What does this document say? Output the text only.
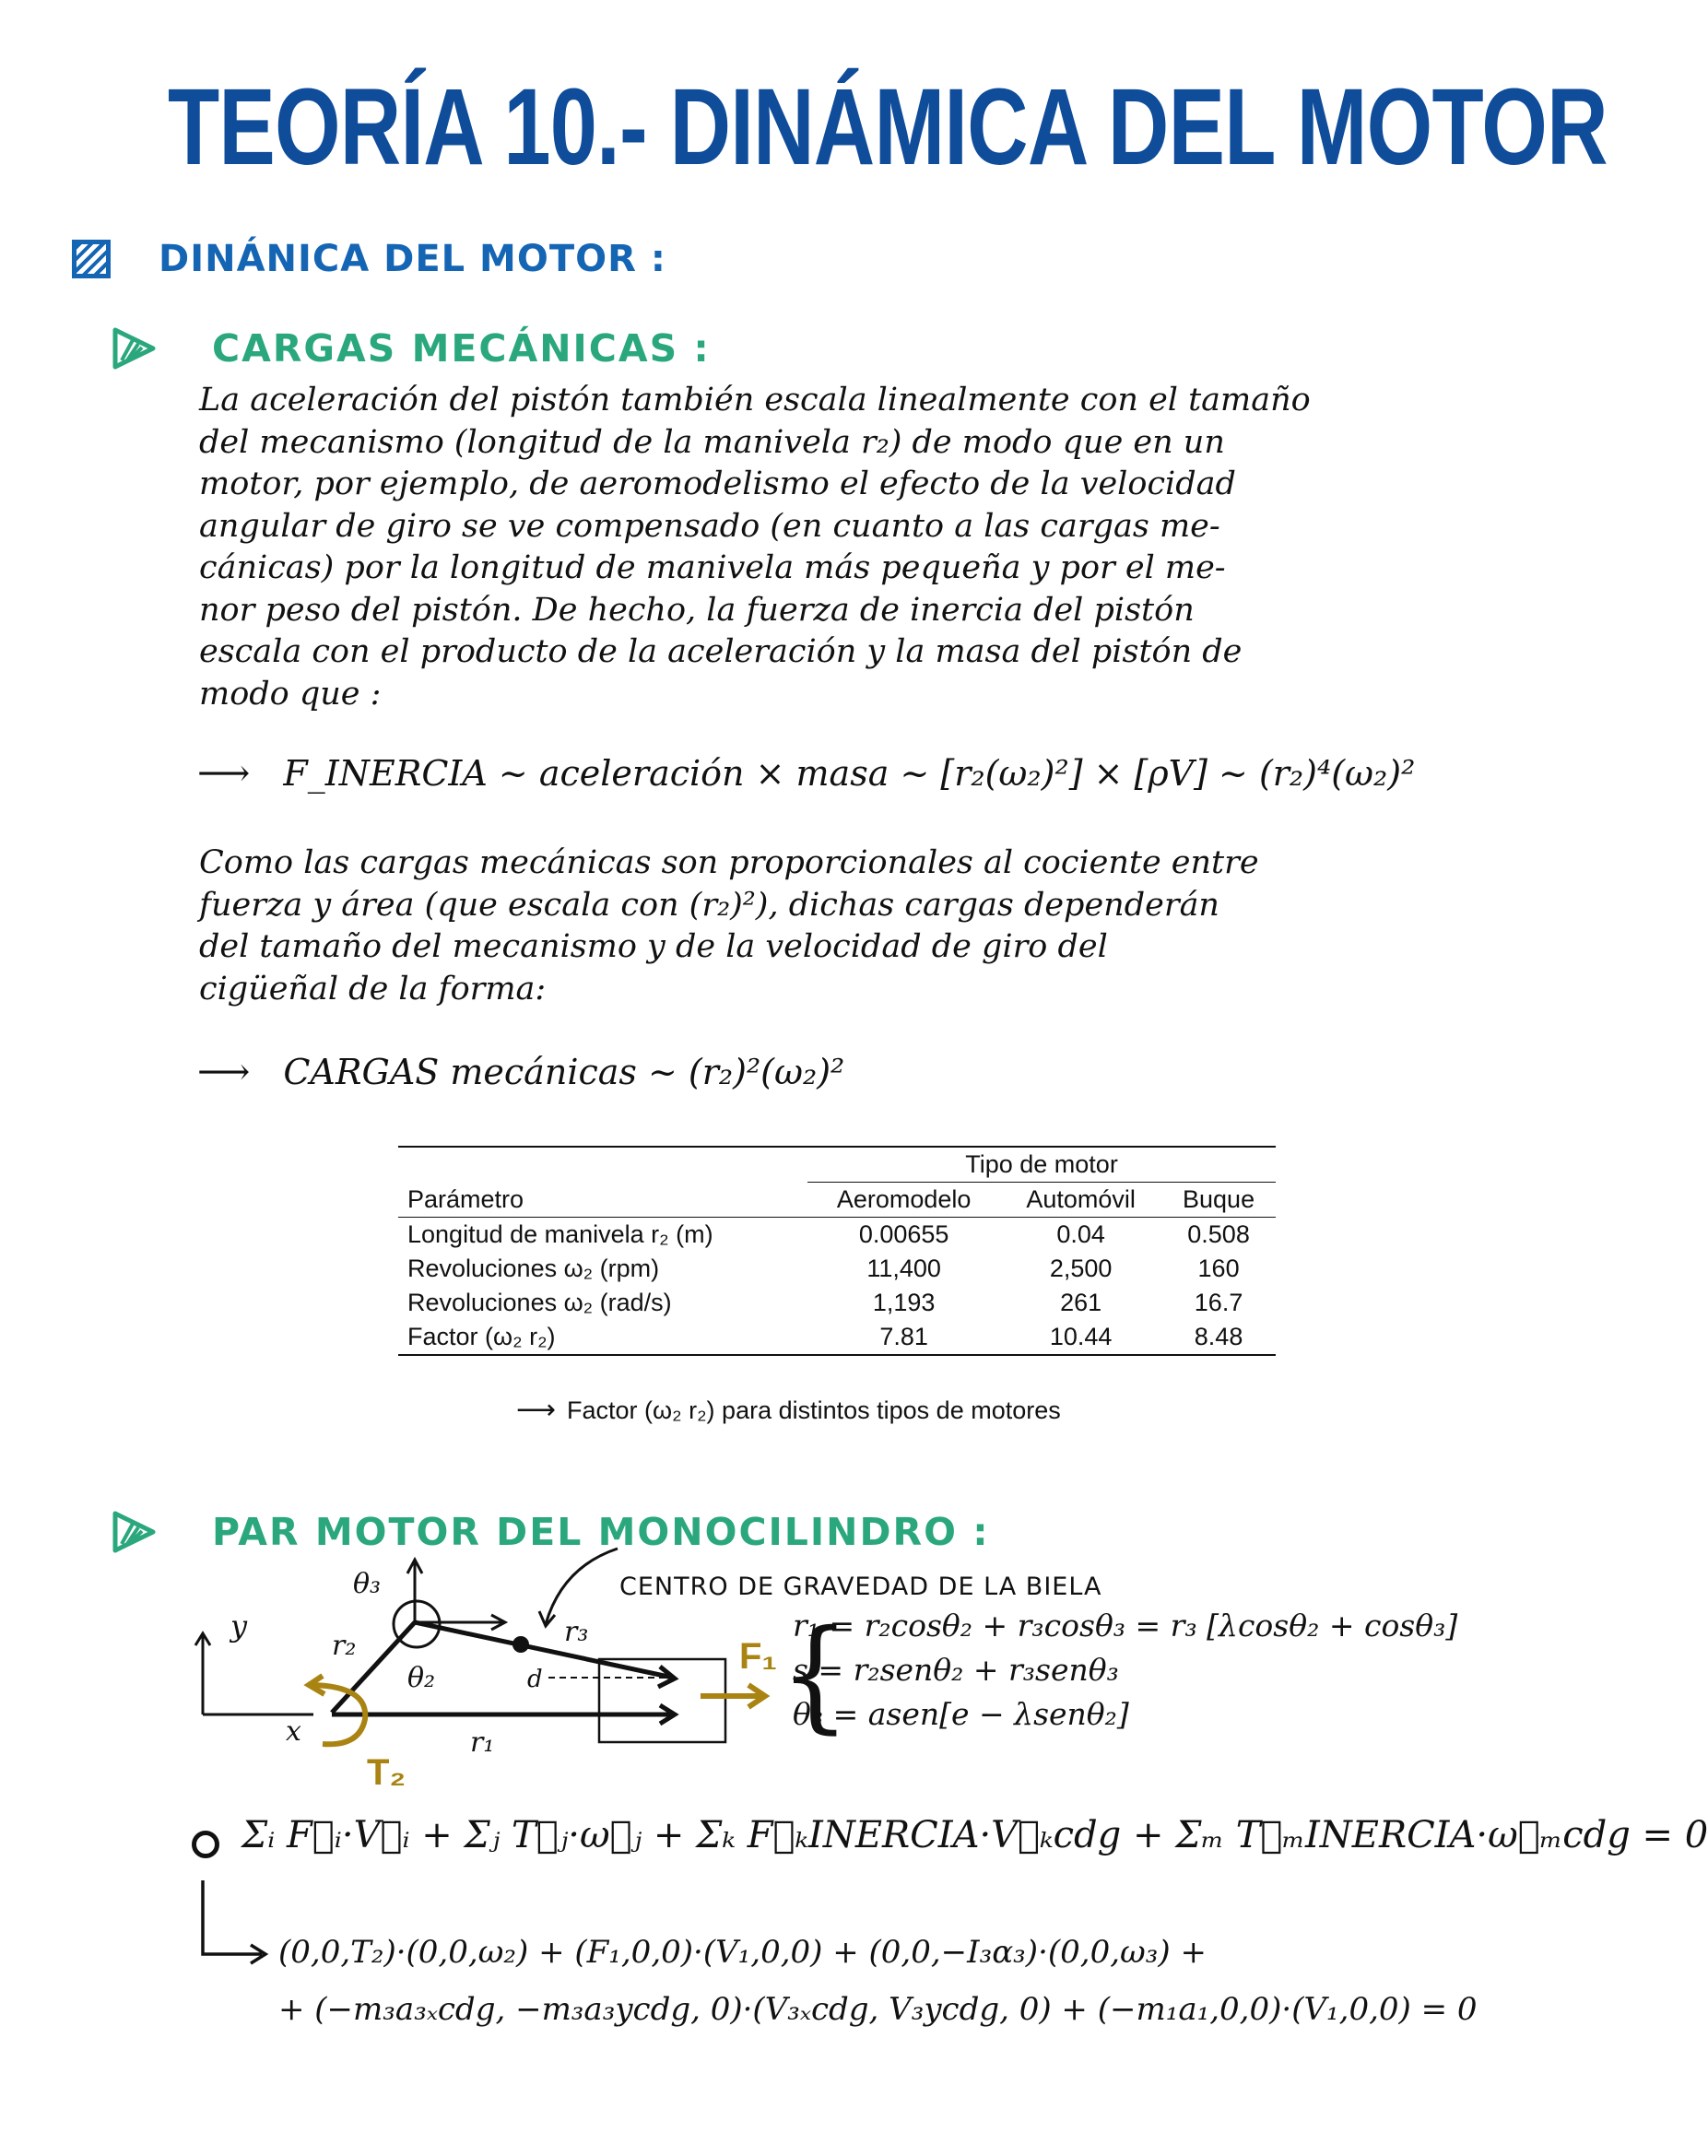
TEORÍA 10.- DINÁMICA DEL MOTOR
DINÁNICA DEL MOTOR :
CARGAS MECÁNICAS :
La aceleración del pistón también escala linealmente con el tamaño
del mecanismo (longitud de la manivela r₂) de modo que en un
motor, por ejemplo, de aeromodelismo el efecto de la velocidad
angular de giro se ve compensado (en cuanto a las cargas me-
cánicas) por la longitud de manivela más pequeña y por el me-
nor peso del pistón. De hecho, la fuerza de inercia del pistón
escala con el producto de la aceleración y la masa del pistón de
modo que :
⟶ F_INERCIA ~ aceleración × masa ~ [r₂(ω₂)²] × [ρV] ~ (r₂)⁴(ω₂)²
Como las cargas mecánicas son proporcionales al cociente entre
fuerza y área (que escala con (r₂)²), dichas cargas dependerán
del tamaño del mecanismo y de la velocidad de giro del
cigüeñal de la forma:
⟶ CARGAS mecánicas ~ (r₂)²(ω₂)²
	Tipo de motor		
Parámetro	Aeromodelo	Automóvil	Buque
Longitud de manivela r₂ (m)	0.00655	0.04	0.508
Revoluciones ω₂ (rpm)	11,400	2,500	160
Revoluciones ω₂ (rad/s)	1,193	261	16.7
Factor (ω₂ r₂)	7.81	10.44	8.48
⟶ Factor (ω₂ r₂) para distintos tipos de motores
PAR MOTOR DEL MONOCILINDRO :
θ₃
θ₂
r₂	r₃
r₁
d
y
x
F₁
T₂
CENTRO DE GRAVEDAD DE LA BIELA
{
r₁ = r₂cosθ₂ + r₃cosθ₃ = r₃ [λcosθ₂ + cosθ₃]
s = r₂senθ₂ + r₃senθ₃
θ₃ = asen[e − λsenθ₂]
Σᵢ F⃗ᵢ·V⃗ᵢ + Σⱼ T⃗ⱼ·ω⃗ⱼ + Σₖ F⃗ₖINERCIA·V⃗ₖcdg + Σₘ T⃗ₘINERCIA·ω⃗ₘcdg = 0
(0,0,T₂)·(0,0,ω₂) + (F₁,0,0)·(V₁,0,0) + (0,0,−I₃α₃)·(0,0,ω₃) +
+ (−m₃a₃ₓcdg, −m₃a₃ycdg, 0)·(V₃ₓcdg, V₃ycdg, 0) + (−m₁a₁,0,0)·(V₁,0,0) = 0
